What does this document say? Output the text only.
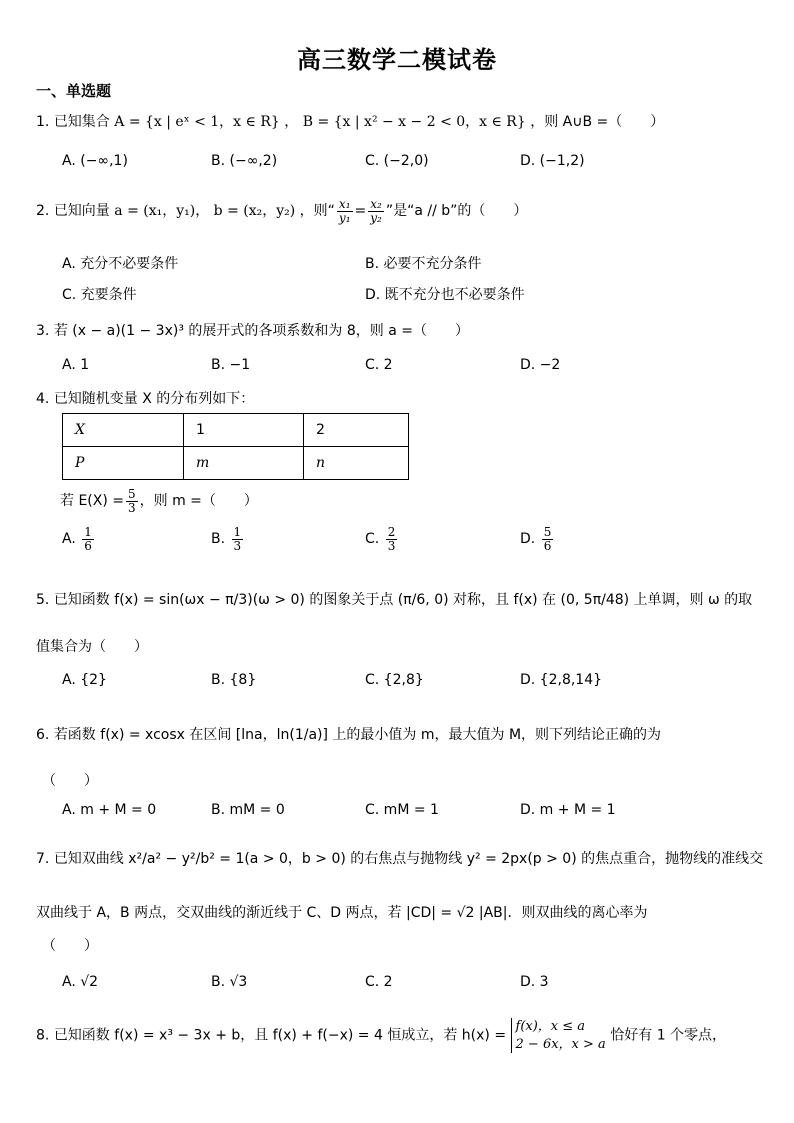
高三数学二模试卷
一、单选题
1. 已知集合 A = {x | eˣ < 1，x ∈ R} ， B = {x | x² − x − 2 < 0，x ∈ R} ，则 A∪B =（　　）
A. (−∞,1)	B. (−∞,2)	C. (−2,0)	D. (−1,2)
2. 已知向量 a = (x₁，y₁)， b = (x₂，y₂) ，则“ $\frac{\text{x₁}}{\text{y₁}} = \frac{\text{x₂}}{\text{y₂}}$ ”是“a // b”的（　　）
A. 充分不必要条件	B. 必要不充分条件
C. 充要条件	D. 既不充分也不必要条件
3. 若 (x − a)(1 − 3x)³ 的展开式的各项系数和为 8，则 a =（　　）
A. 1	B. −1	C. 2	D. −2
4. 已知随机变量 X 的分布列如下：
X	1	2
P	m	n
若 $E(X) = \frac{5}{3}$ ，则 m =（　　）
A. $\frac{1}{6}$	B. $\frac{1}{3}$	C. $\frac{2}{3}$	D. $\frac{5}{6}$
5. 已知函数 f(x) = sin(ωx − π/3)(ω > 0) 的图象关于点 (π/6, 0) 对称，且 f(x) 在 (0, 5π/48) 上单调，则 ω 的取
值集合为（　　）
A. {2}	B. {8}	C. {2,8}	D. {2,8,14}
6. 若函数 f(x) = xcosx 在区间 [lna，ln(1/a)] 上的最小值为 m，最大值为 M，则下列结论正确的为
（　　）
A. m + M = 0	B. mM = 0	C. mM = 1	D. m + M = 1
7. 已知双曲线 x²/a² − y²/b² = 1(a > 0，b > 0) 的右焦点与抛物线 y² = 2px(p > 0) 的焦点重合，抛物线的准线交
双曲线于 A，B 两点，交双曲线的渐近线于 C、D 两点，若 |CD| = √2 |AB|．则双曲线的离心率为
（　　）
A. √2	B. √3	C. 2	D. 3
8. 已知函数 f(x) = x³ − 3x + b，且 f(x) + f(−x) = 4 恒成立，若 h(x) =
f(x)，x ≤ a
2 − 6x，x > a
恰好有 1 个零点，
